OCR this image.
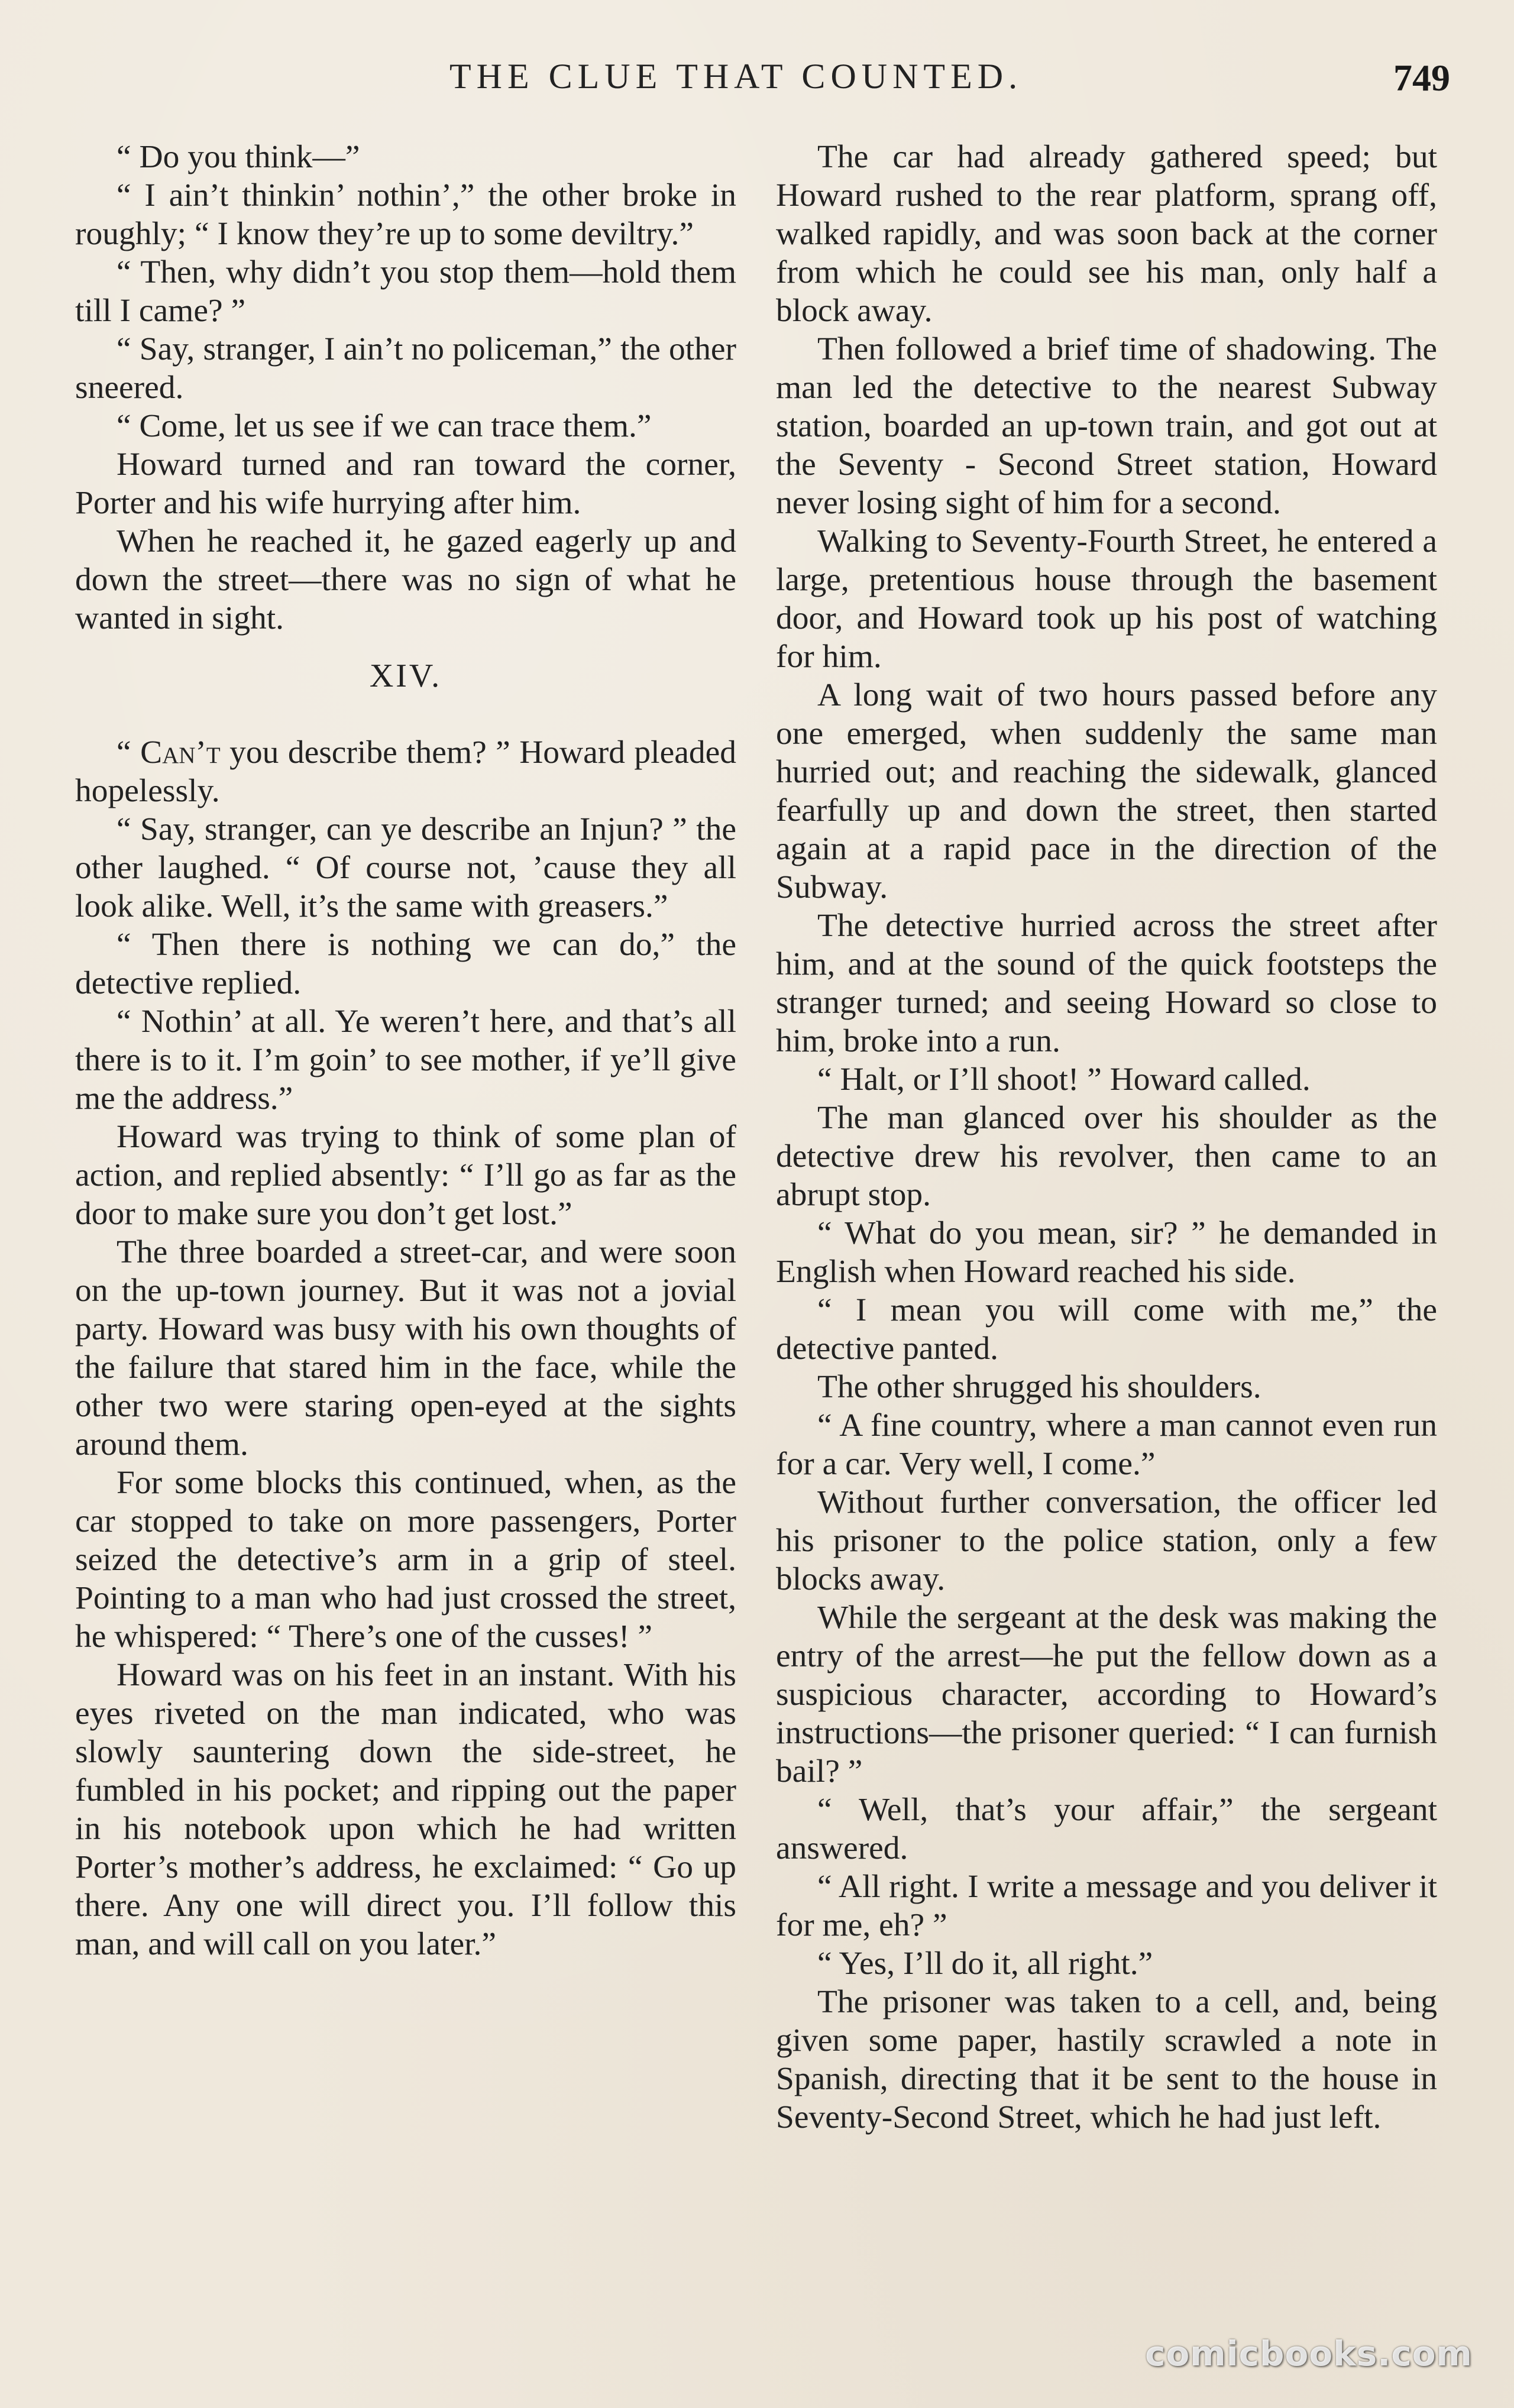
THE CLUE THAT COUNTED.	749

“ Do you think—”

“ I ain’t thinkin’ nothin’,” the other broke in roughly; “ I know they’re up to some deviltry.”

“ Then, why didn’t you stop them—hold them till I came? ”

“ Say, stranger, I ain’t no policeman,” the other sneered.

“ Come, let us see if we can trace them.”

Howard turned and ran toward the corner, Porter and his wife hurrying after him.

When he reached it, he gazed eagerly up and down the street—there was no sign of what he wanted in sight.

XIV.

“ Can’t you describe them? ” Howard pleaded hopelessly.

“ Say, stranger, can ye describe an Injun? ” the other laughed. “ Of course not, ’cause they all look alike. Well, it’s the same with greasers.”

“ Then there is nothing we can do,” the detective replied.

“ Nothin’ at all. Ye weren’t here, and that’s all there is to it. I’m goin’ to see mother, if ye’ll give me the address.”

Howard was trying to think of some plan of action, and replied absently: “ I’ll go as far as the door to make sure you don’t get lost.”

The three boarded a street-car, and were soon on the up-town journey. But it was not a jovial party. Howard was busy with his own thoughts of the failure that stared him in the face, while the other two were staring open-eyed at the sights around them.

For some blocks this continued, when, as the car stopped to take on more passengers, Porter seized the detective’s arm in a grip of steel. Pointing to a man who had just crossed the street, he whispered: “ There’s one of the cusses! ”

Howard was on his feet in an instant. With his eyes riveted on the man indicated, who was slowly sauntering down the side-street, he fumbled in his pocket; and ripping out the paper in his notebook upon which he had written Porter’s mother’s address, he exclaimed: “ Go up there. Any one will direct you. I’ll follow this man, and will call on you later.”

The car had already gathered speed; but Howard rushed to the rear platform, sprang off, walked rapidly, and was soon back at the corner from which he could see his man, only half a block away.

Then followed a brief time of shadowing. The man led the detective to the nearest Subway station, boarded an up-town train, and got out at the Seventy - Second Street station, Howard never losing sight of him for a second.

Walking to Seventy-Fourth Street, he entered a large, pretentious house through the basement door, and Howard took up his post of watching for him.

A long wait of two hours passed before any one emerged, when suddenly the same man hurried out; and reaching the sidewalk, glanced fearfully up and down the street, then started again at a rapid pace in the direction of the Subway.

The detective hurried across the street after him, and at the sound of the quick footsteps the stranger turned; and seeing Howard so close to him, broke into a run.

“ Halt, or I’ll shoot! ” Howard called.

The man glanced over his shoulder as the detective drew his revolver, then came to an abrupt stop.

“ What do you mean, sir? ” he demanded in English when Howard reached his side.

“ I mean you will come with me,” the detective panted.

The other shrugged his shoulders.

“ A fine country, where a man cannot even run for a car. Very well, I come.”

Without further conversation, the officer led his prisoner to the police station, only a few blocks away.

While the sergeant at the desk was making the entry of the arrest—he put the fellow down as a suspicious character, according to Howard’s instructions—the prisoner queried: “ I can furnish bail? ”

“ Well, that’s your affair,” the sergeant answered.

“ All right. I write a message and you deliver it for me, eh? ”

“ Yes, I’ll do it, all right.”

The prisoner was taken to a cell, and, being given some paper, hastily scrawled a note in Spanish, directing that it be sent to the house in Seventy-Second Street, which he had just left.

comicbooks.com
